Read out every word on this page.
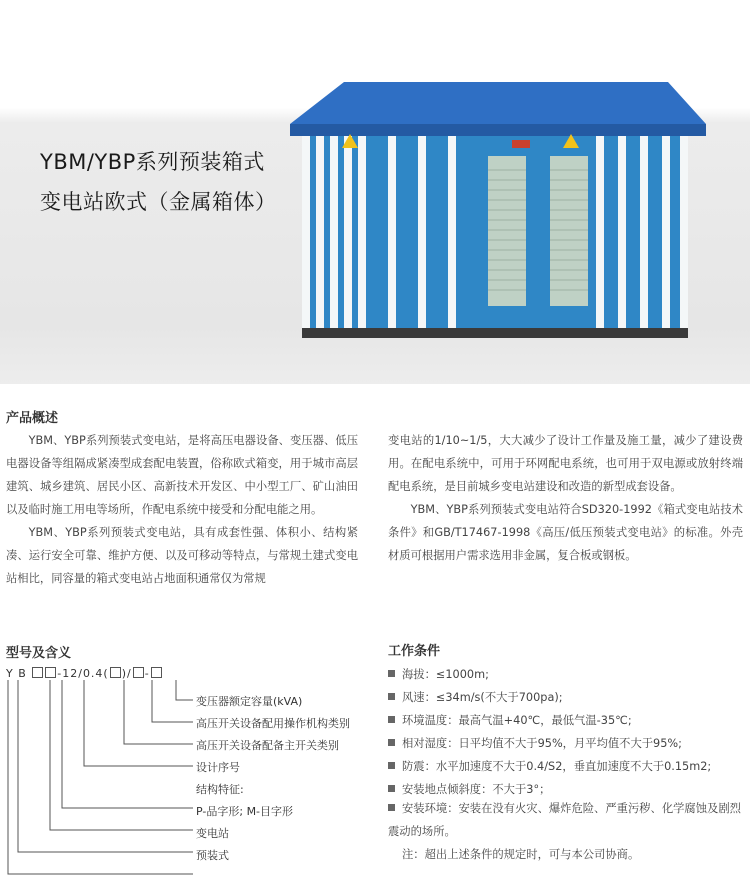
YBM/YBP系列预装箱式
变电站欧式（金属箱体）
产品概述

YBM、YBP系列预装式变电站，是将高压电器设备、变压器、低压电器设备等组隔成紧凑型成套配电装置，俗称欧式箱变，用于城市高层建筑、城乡建筑、居民小区、高新技术开发区、中小型工厂、矿山油田以及临时施工用电等场所，作配电系统中接受和分配电能之用。

YBM、YBP系列预装式变电站，具有成套性强、体积小、结构紧凑、运行安全可靠、维护方便、以及可移动等特点，与常规土建式变电站相比，同容量的箱式变电站占地面积通常仅为常规

变电站的1/10~1/5，大大减少了设计工作量及施工量，减少了建设费用。在配电系统中，可用于环网配电系统，也可用于双电源或放射终端配电系统，是目前城乡变电站建设和改造的新型成套设备。

YBM、YBP系列预装式变电站符合SD320-1992《箱式变电站技术条件》和GB/T17467-1998《高压/低压预装式变电站》的标准。外壳材质可根据用户需求选用非金属，复合板或钢板。

型号及含义
Y B	-12/0.4( )/ -
变压器额定容量(kVA)
高压开关设备配用操作机构类别
高压开关设备配备主开关类别
设计序号
结构特征:
P-品字形; M-目字形
变电站
预装式
工作条件
海拔：≤1000m;
风速：≤34m/s(不大于700pa);
环境温度：最高气温+40℃，最低气温-35℃;
相对湿度：日平均值不大于95%，月平均值不大于95%;
防震：水平加速度不大于0.4/S2，垂直加速度不大于0.15m2;
安装地点倾斜度：不大于3°；
安装环境：安装在没有火灾、爆炸危险、严重污秽、化学腐蚀及剧烈震动的场所。
注：超出上述条件的规定时，可与本公司协商。
